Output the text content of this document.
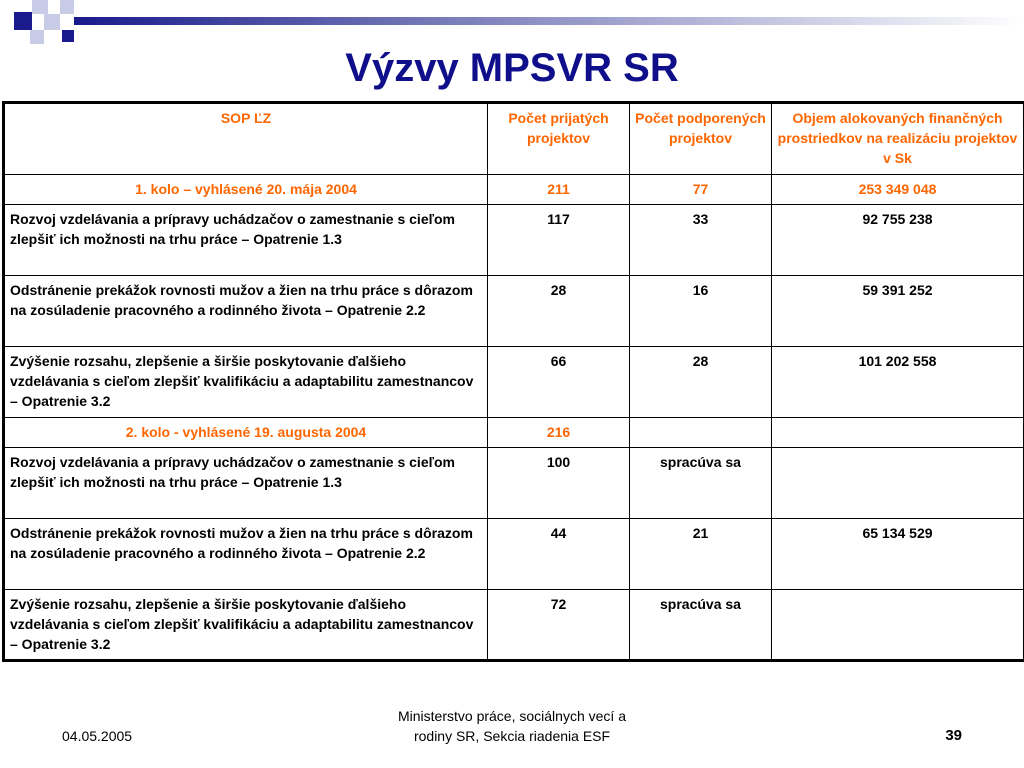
Výzvy MPSVR SR
SOP ĽZ	Počet prijatých projektov	Počet podporených projektov	Objem alokovaných finančných prostriedkov na realizáciu projektov v Sk
1. kolo – vyhlásené 20. mája 2004	211	77	253 349 048
Rozvoj vzdelávania a prípravy uchádzačov o zamestnanie s cieľom zlepšiť ich možnosti na trhu práce – Opatrenie 1.3	117	33	92 755 238
Odstránenie prekážok rovnosti mužov a žien na trhu práce s dôrazom na zosúladenie pracovného a rodinného života – Opatrenie 2.2	28	16	59 391 252
Zvýšenie rozsahu, zlepšenie a širšie poskytovanie ďalšieho vzdelávania s cieľom zlepšiť kvalifikáciu a adaptabilitu zamestnancov – Opatrenie 3.2	66	28	101 202 558
2. kolo - vyhlásené 19. augusta 2004	216		
Rozvoj vzdelávania a prípravy uchádzačov o zamestnanie s cieľom zlepšiť ich možnosti na trhu práce – Opatrenie 1.3	100	spracúva sa	
Odstránenie prekážok rovnosti mužov a žien na trhu práce s dôrazom na zosúladenie pracovného a rodinného života – Opatrenie 2.2	44	21	65 134 529
Zvýšenie rozsahu, zlepšenie a širšie poskytovanie ďalšieho vzdelávania s cieľom zlepšiť kvalifikáciu a adaptabilitu zamestnancov – Opatrenie 3.2	72	spracúva sa	
04.05.2005
Ministerstvo práce, sociálnych vecí a
rodiny SR, Sekcia riadenia ESF	39
